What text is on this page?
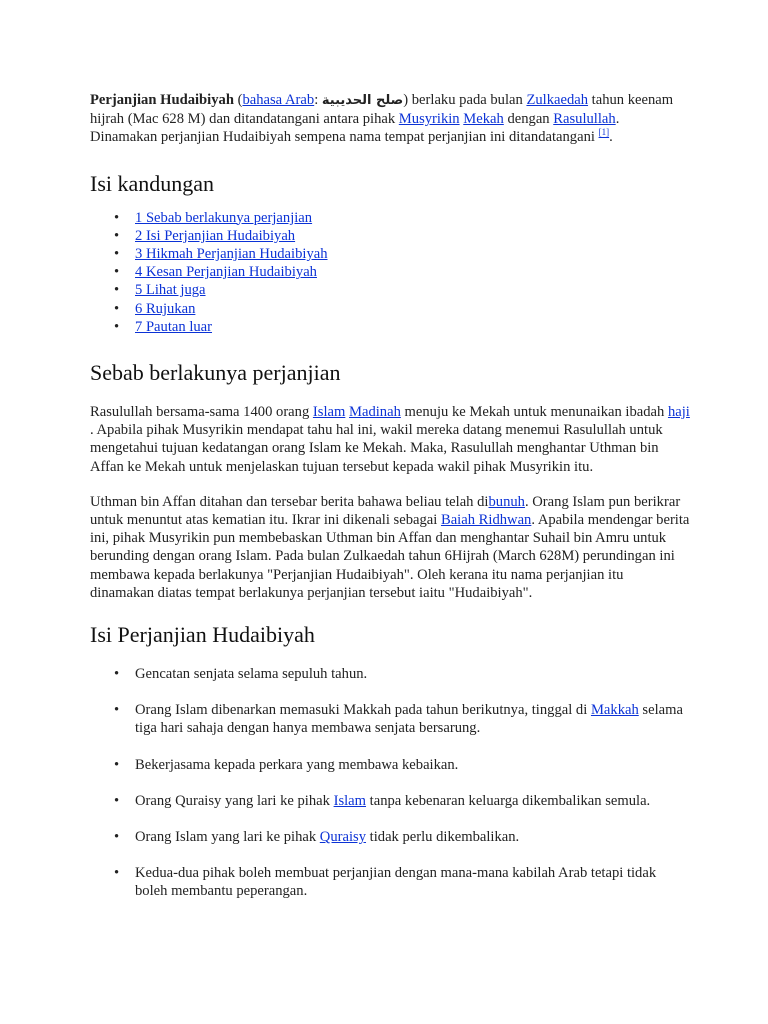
Perjanjian Hudaibiyah (bahasa Arab: صلح الحديبية) berlaku pada bulan Zulkaedah tahun keenam hijrah (Mac 628 M) dan ditandatangani antara pihak Musyrikin Mekah dengan Rasulullah. Dinamakan perjanjian Hudaibiyah sempena nama tempat perjanjian ini ditandatangani [1].

Isi kandungan
• 1 Sebab berlakunya perjanjian
• 2 Isi Perjanjian Hudaibiyah
• 3 Hikmah Perjanjian Hudaibiyah
• 4 Kesan Perjanjian Hudaibiyah
• 5 Lihat juga
• 6 Rujukan
• 7 Pautan luar
Sebab berlakunya perjanjian

Rasulullah bersama-sama 1400 orang Islam Madinah menuju ke Mekah untuk menunaikan ibadah haji . Apabila pihak Musyrikin mendapat tahu hal ini, wakil mereka datang menemui Rasulullah untuk mengetahui tujuan kedatangan orang Islam ke Mekah. Maka, Rasulullah menghantar Uthman bin Affan ke Mekah untuk menjelaskan tujuan tersebut kepada wakil pihak Musyrikin itu.

Uthman bin Affan ditahan dan tersebar berita bahawa beliau telah dibunuh. Orang Islam pun berikrar untuk menuntut atas kematian itu. Ikrar ini dikenali sebagai Baiah Ridhwan. Apabila mendengar berita ini, pihak Musyrikin pun membebaskan Uthman bin Affan dan menghantar Suhail bin Amru untuk berunding dengan orang Islam. Pada bulan Zulkaedah tahun 6Hijrah (March 628M) perundingan ini membawa kepada berlakunya "Perjanjian Hudaibiyah". Oleh kerana itu nama perjanjian itu dinamakan diatas tempat berlakunya perjanjian tersebut iaitu "Hudaibiyah".

Isi Perjanjian Hudaibiyah
• Gencatan senjata selama sepuluh tahun.
• Orang Islam dibenarkan memasuki Makkah pada tahun berikutnya, tinggal di Makkah selama tiga hari sahaja dengan hanya membawa senjata bersarung.
• Bekerjasama kepada perkara yang membawa kebaikan.
• Orang Quraisy yang lari ke pihak Islam tanpa kebenaran keluarga dikembalikan semula.
• Orang Islam yang lari ke pihak Quraisy tidak perlu dikembalikan.
• Kedua-dua pihak boleh membuat perjanjian dengan mana-mana kabilah Arab tetapi tidak boleh membantu peperangan.
